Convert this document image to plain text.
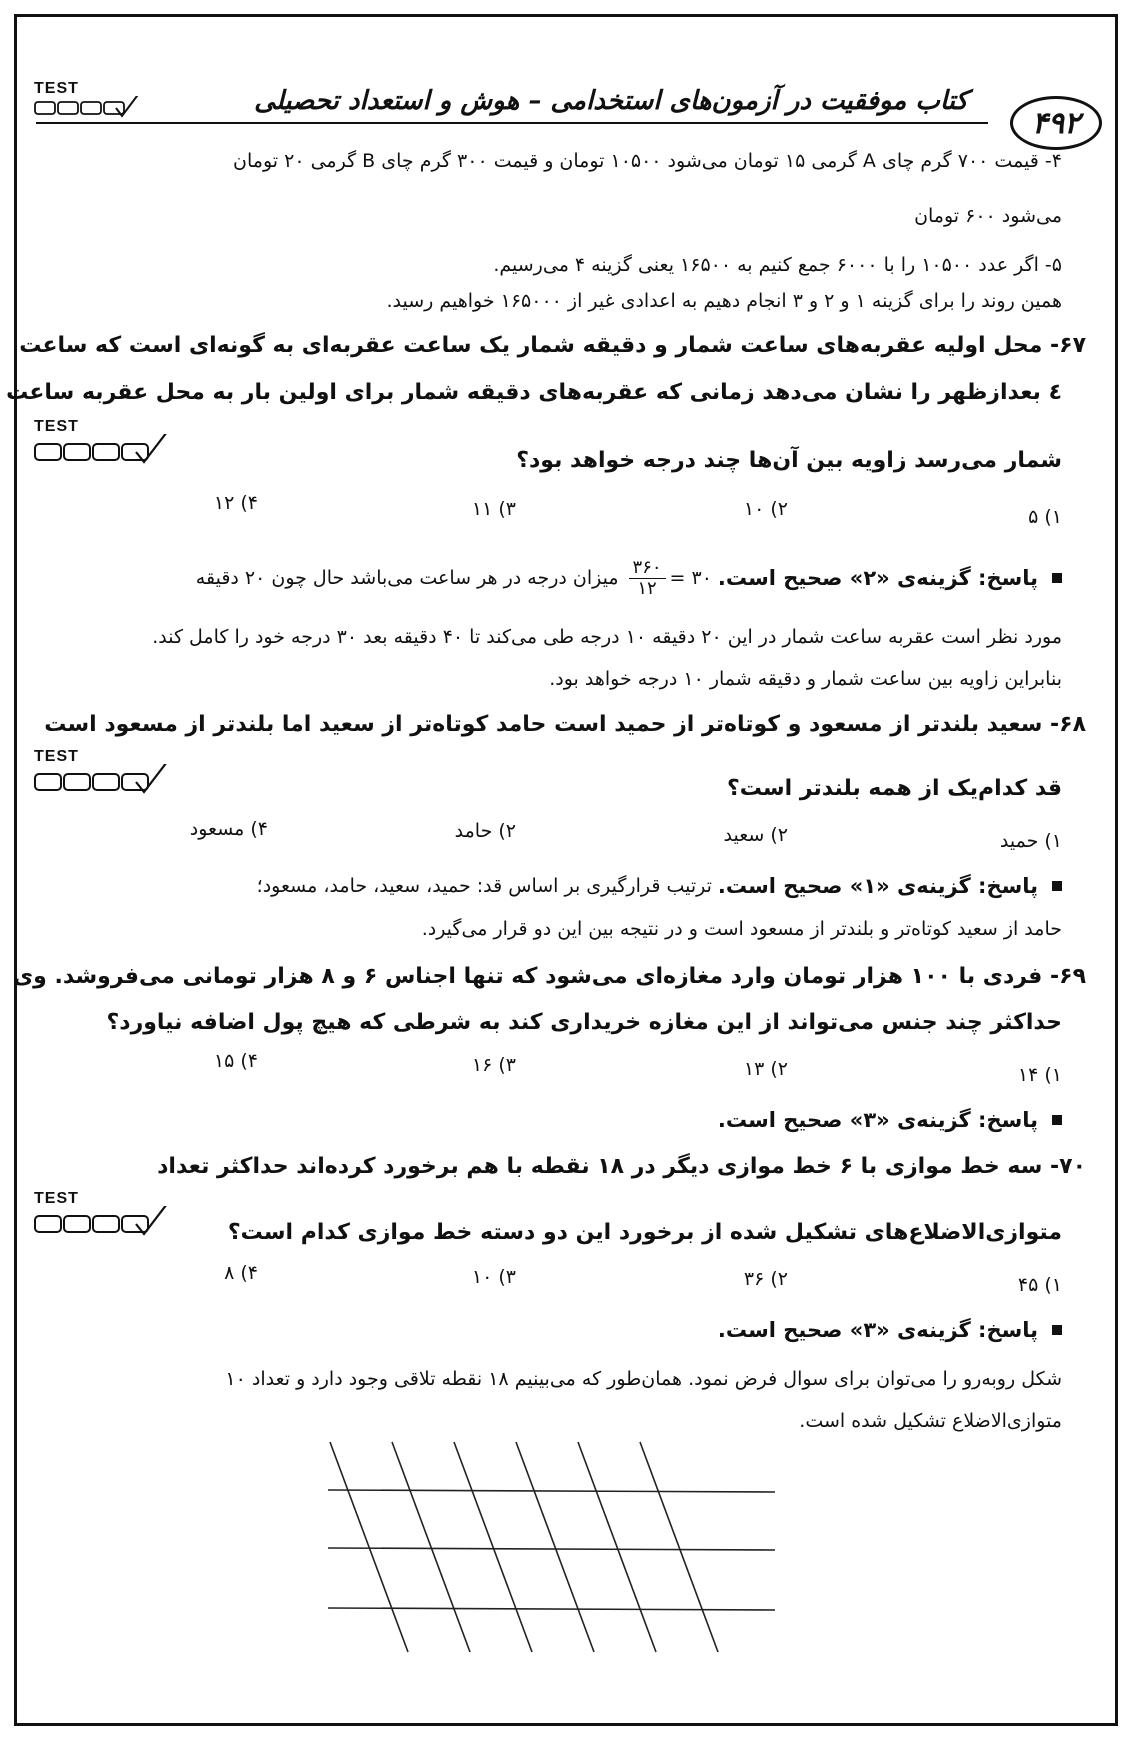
TEST	کتاب موفقیت در آزمون‌های استخدامی – هوش و استعداد تحصیلی
۴۹۲
۴- قیمت ۷۰۰ گرم چای A گرمی ۱۵ تومان می‌شود ۱۰۵۰۰ تومان و قیمت ۳۰۰ گرم چای B گرمی ۲۰ تومان
می‌شود ۶۰۰ تومان
۵- اگر عدد ۱۰۵۰۰ را با ۶۰۰۰ جمع کنیم به ۱۶۵۰۰ یعنی گزینه ۴ می‌رسیم.
همین روند را برای گزینه ۱ و ۲ و ۳ انجام دهیم به اعدادی غیر از ۱۶۵۰۰۰ خواهیم رسید.
۶۷- محل اولیه عقربه‌های ساعت شمار و دقیقه شمار یک ساعت عقربه‌ای به گونه‌ای است که ساعت
٤ بعدازظهر را نشان می‌دهد زمانی که عقربه‌های دقیقه شمار برای اولین بار به محل عقربه ساعت
TEST
شمار می‌رسد زاویه بین آن‌ها چند درجه خواهد بود؟
۱) ۵
۲) ۱۰
۳) ۱۱
۴) ۱۲
پاسخ: گزینه‌ی «۲» صحیح است.
$\frac{۳۶۰}{۱۲}$ = ۳۰
میزان درجه در هر ساعت می‌باشد حال چون ۲۰ دقیقه
مورد نظر است عقربه ساعت شمار در این ۲۰ دقیقه ۱۰ درجه طی می‌کند تا ۴۰ دقیقه بعد ۳۰ درجه خود را کامل کند.
بنابراین زاویه بین ساعت شمار و دقیقه شمار ۱۰ درجه خواهد بود.
۶۸- سعید بلندتر از مسعود و کوتاه‌تر از حمید است حامد کوتاه‌تر از سعید اما بلندتر از مسعود است
TEST
قد کدام‌یک از همه بلندتر است؟
۱) حمید
۲) سعید
۲) حامد
۴) مسعود
پاسخ: گزینه‌ی «۱» صحیح است.
ترتیب قرارگیری بر اساس قد: حمید، سعید، حامد، مسعود؛
حامد از سعید کوتاه‌تر و بلندتر از مسعود است و در نتیجه بین این دو قرار می‌گیرد.
۶۹- فردی با ۱۰۰ هزار تومان وارد مغازه‌ای می‌شود که تنها اجناس ۶ و ۸ هزار تومانی می‌فروشد. وی
حداکثر چند جنس می‌تواند از این مغازه خریداری کند به شرطی که هیچ پول اضافه نیاورد؟
۱) ۱۴
۲) ۱۳
۳) ۱۶
۴) ۱۵
پاسخ: گزینه‌ی «۳» صحیح است.
۷۰- سه خط موازی با ۶ خط موازی دیگر در ۱۸ نقطه با هم برخورد کرده‌اند حداکثر تعداد
TEST
متوازی‌الاضلاع‌های تشکیل شده از برخورد این دو دسته خط موازی کدام است؟
۱) ۴۵
۲) ۳۶
۳) ۱۰
۴) ۸
پاسخ: گزینه‌ی «۳» صحیح است.
شکل روبه‌رو را می‌توان برای سوال فرض نمود. همان‌طور که می‌بینیم ۱۸ نقطه تلاقی وجود دارد و تعداد ۱۰
متوازی‌الاضلاع تشکیل شده است.
